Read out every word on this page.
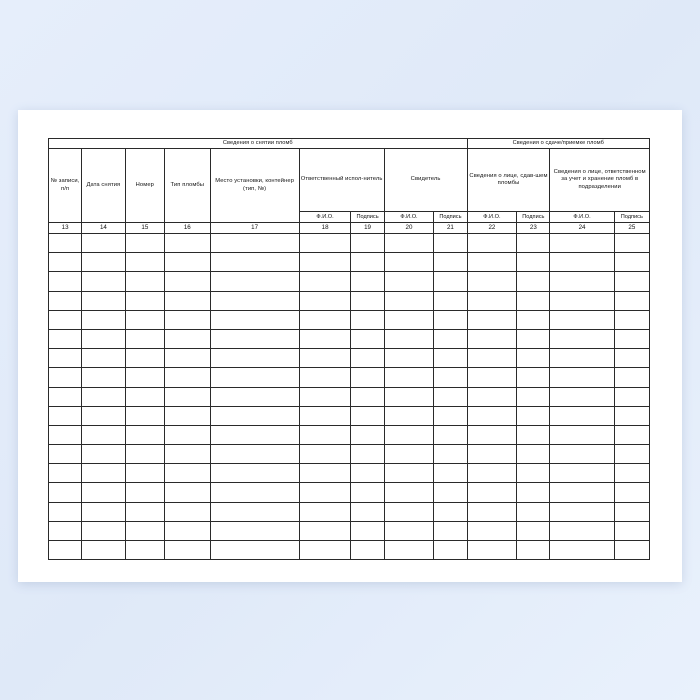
Сведения о снятии пломб									Сведения о сдаче/приемке пломб			
№ записи, п/п	Дата снятия	Номер	Тип пломбы	Место установки, контейнер (тип, №)	Ответственный испол-нитель		Свидетель		Сведения о лице, сдав-шем пломбы		Сведения о лице, ответственном за учет и хранение пломб в подразделении	
					Ф.И.О.	Подпись	Ф.И.О.	Подпись	Ф.И.О.	Подпись	Ф.И.О.	Подпись
13	14	15	16	17	18	19	20	21	22	23	24	25
